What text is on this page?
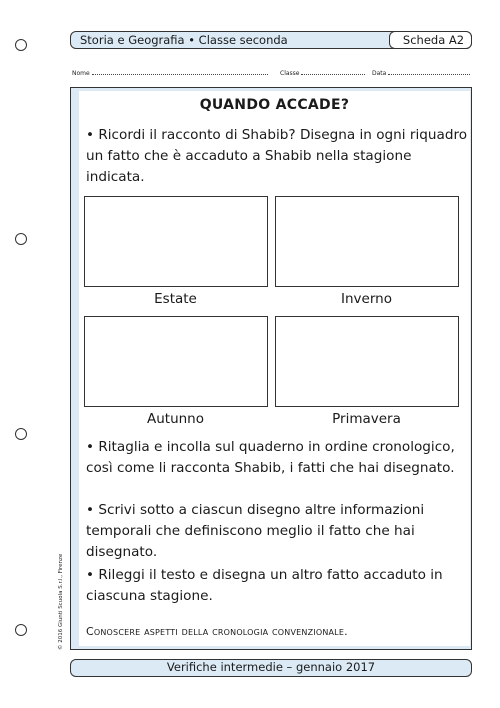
Storia e Geografia • Classe seconda	Scheda A2
Nome	Classe	Data
QUANDO ACCADE?
• Ricordi il racconto di Shabib? Disegna in ogni riquadro un fatto che è accaduto a Shabib nella stagione indicata.
Estate	Inverno
Autunno	Primavera
• Ritaglia e incolla sul quaderno in ordine cronologico, così come li racconta Shabib, i fatti che hai disegnato.
• Scrivi sotto a ciascun disegno altre informazioni temporali che definiscono meglio il fatto che hai disegnato.
• Rileggi il testo e disegna un altro fatto accaduto in ciascuna stagione.
Conoscere aspetti della cronologia convenzionale.
Verifiche intermedie – gennaio 2017
© 2016 Giunti Scuola S.r.l., Firenze
